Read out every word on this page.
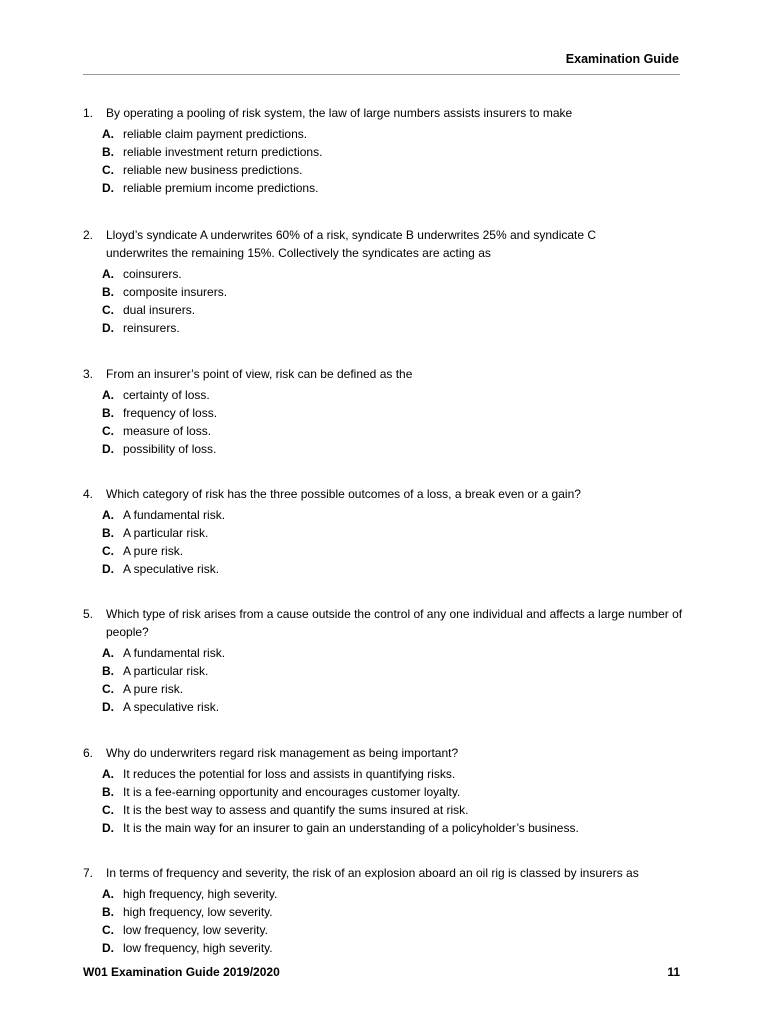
Examination Guide
1. By operating a pooling of risk system, the law of large numbers assists insurers to make
A. reliable claim payment predictions.
B. reliable investment return predictions.
C. reliable new business predictions.
D. reliable premium income predictions.
2. Lloyd’s syndicate A underwrites 60% of a risk, syndicate B underwrites 25% and syndicate C underwrites the remaining 15%. Collectively the syndicates are acting as
A. coinsurers.
B. composite insurers.
C. dual insurers.
D. reinsurers.
3. From an insurer’s point of view, risk can be defined as the
A. certainty of loss.
B. frequency of loss.
C. measure of loss.
D. possibility of loss.
4. Which category of risk has the three possible outcomes of a loss, a break even or a gain?
A. A fundamental risk.
B. A particular risk.
C. A pure risk.
D. A speculative risk.
5. Which type of risk arises from a cause outside the control of any one individual and affects a large number of people?
A. A fundamental risk.
B. A particular risk.
C. A pure risk.
D. A speculative risk.
6. Why do underwriters regard risk management as being important?
A. It reduces the potential for loss and assists in quantifying risks.
B. It is a fee-earning opportunity and encourages customer loyalty.
C. It is the best way to assess and quantify the sums insured at risk.
D. It is the main way for an insurer to gain an understanding of a policyholder’s business.
7. In terms of frequency and severity, the risk of an explosion aboard an oil rig is classed by insurers as
A. high frequency, high severity.
B. high frequency, low severity.
C. low frequency, low severity.
D. low frequency, high severity.
W01 Examination Guide 2019/2020	11
